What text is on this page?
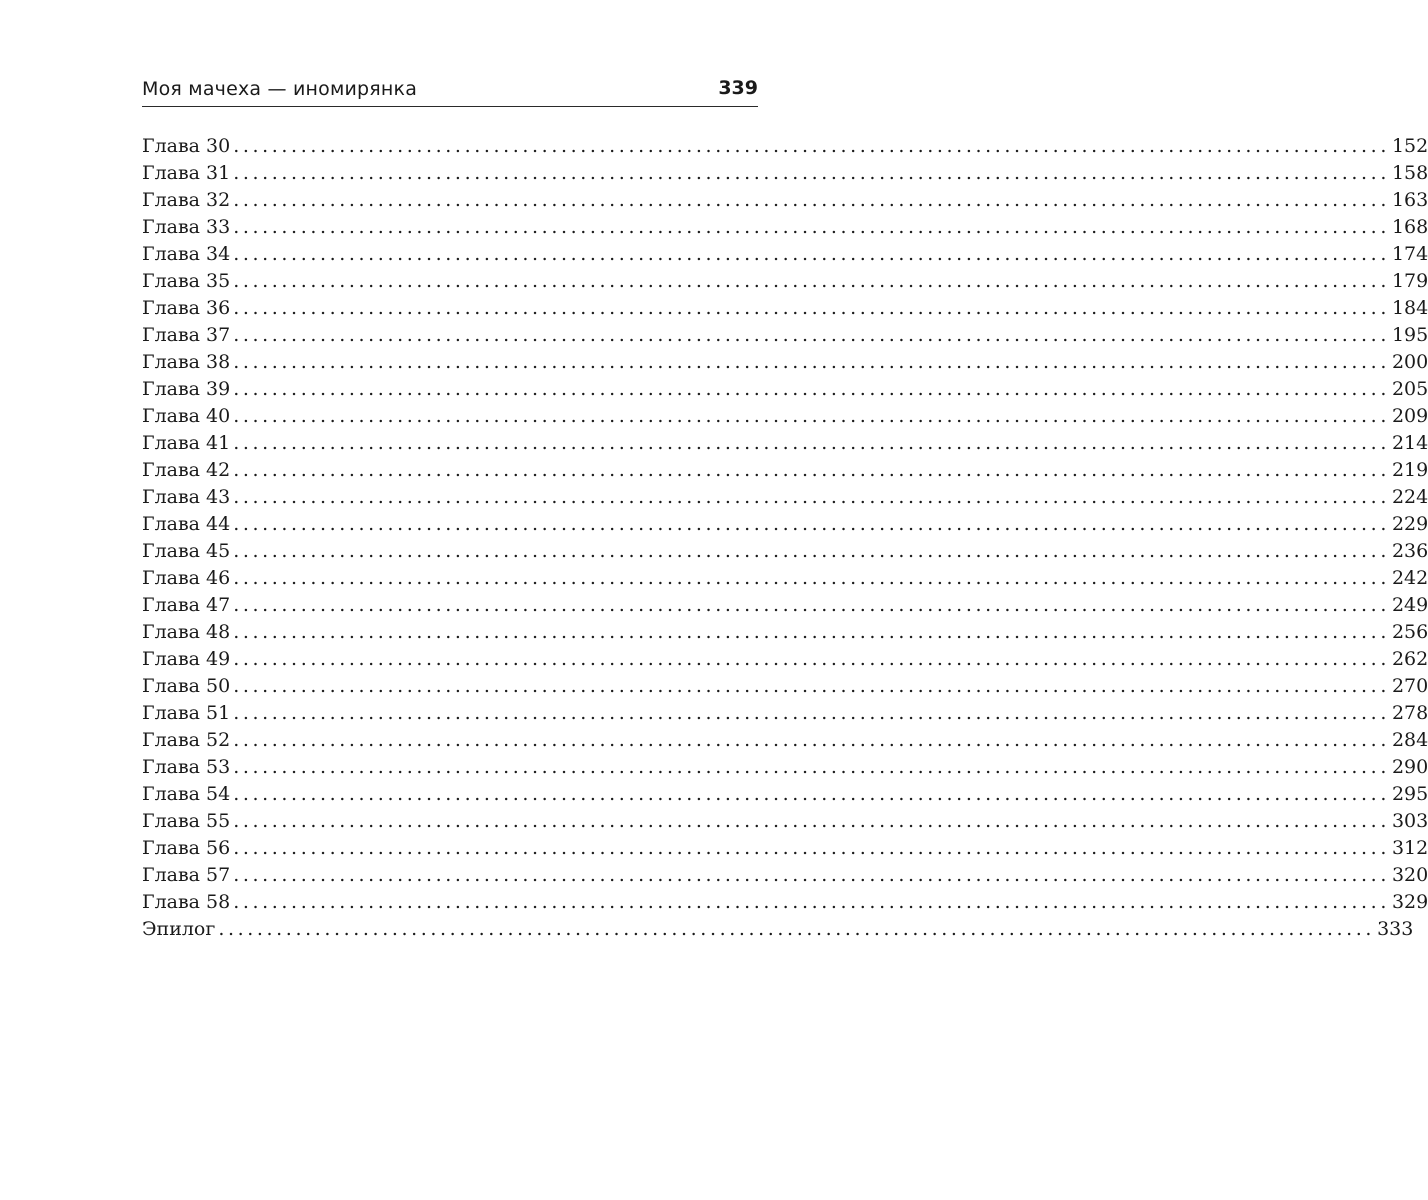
Моя мачеха — иномирянка	339
Глава 30 ........................................................................................................................ 152
Глава 31 ........................................................................................................................ 158
Глава 32 ........................................................................................................................ 163
Глава 33 ........................................................................................................................ 168
Глава 34 ........................................................................................................................ 174
Глава 35 ........................................................................................................................ 179
Глава 36 ........................................................................................................................ 184
Глава 37 ........................................................................................................................ 195
Глава 38 ........................................................................................................................ 200
Глава 39 ........................................................................................................................ 205
Глава 40 ........................................................................................................................ 209
Глава 41 ........................................................................................................................ 214
Глава 42 ........................................................................................................................ 219
Глава 43 ........................................................................................................................ 224
Глава 44 ........................................................................................................................ 229
Глава 45 ........................................................................................................................ 236
Глава 46 ........................................................................................................................ 242
Глава 47 ........................................................................................................................ 249
Глава 48 ........................................................................................................................ 256
Глава 49 ........................................................................................................................ 262
Глава 50 ........................................................................................................................ 270
Глава 51 ........................................................................................................................ 278
Глава 52 ........................................................................................................................ 284
Глава 53 ........................................................................................................................ 290
Глава 54 ........................................................................................................................ 295
Глава 55 ........................................................................................................................ 303
Глава 56 ........................................................................................................................ 312
Глава 57 ........................................................................................................................ 320
Глава 58 ........................................................................................................................ 329
Эпилог ........................................................................................................................ 333
